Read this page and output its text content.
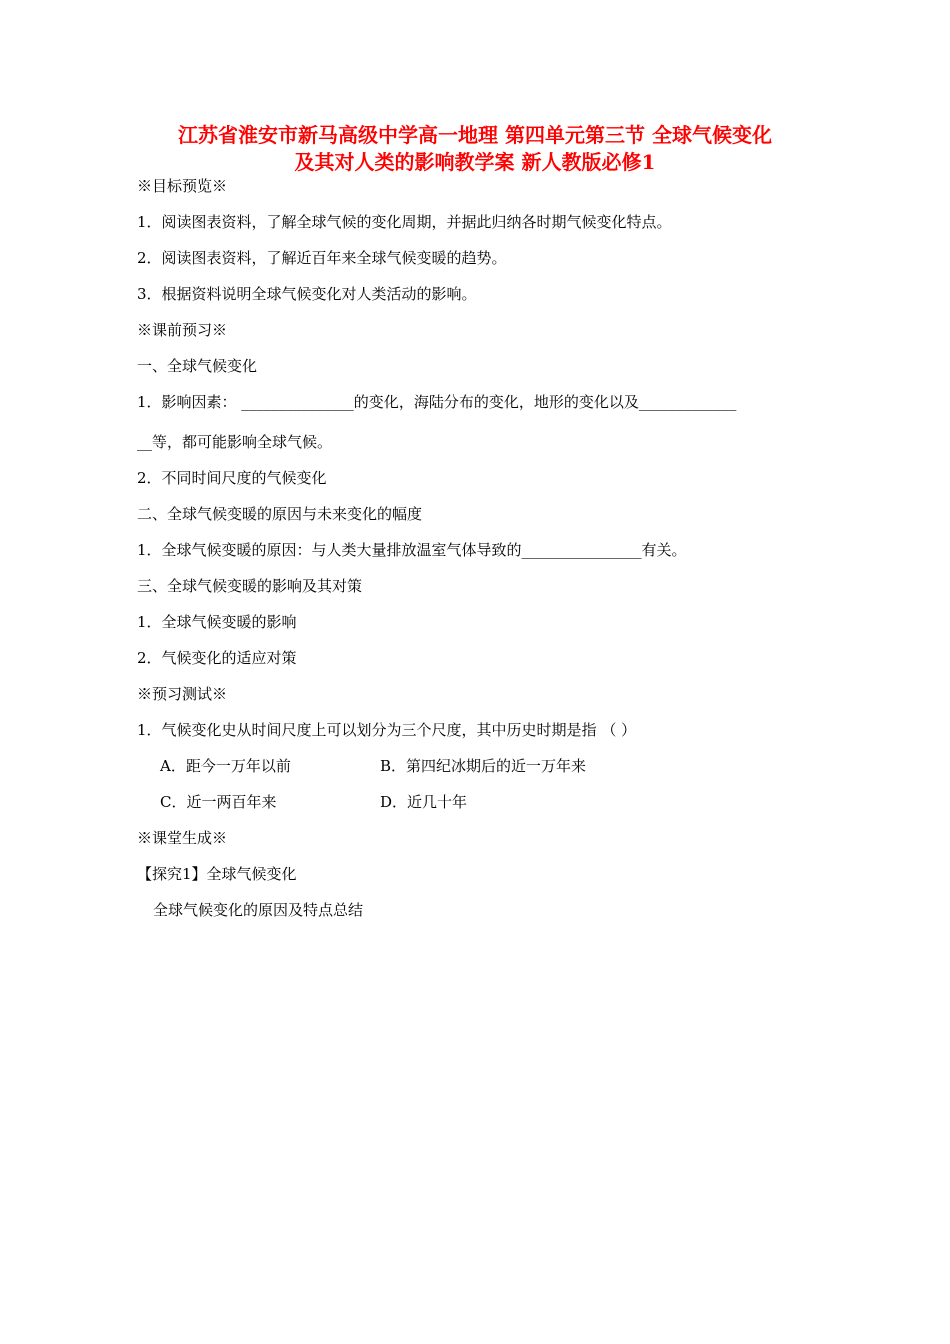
江苏省淮安市新马高级中学高一地理 第四单元第三节 全球气候变化
及其对人类的影响教学案 新人教版必修1
※目标预览※
1．阅读图表资料，了解全球气候的变化周期，并据此归纳各时期气候变化特点。
2．阅读图表资料，了解近百年来全球气候变暖的趋势。
3．根据资料说明全球气候变化对人类活动的影响。
※课前预习※
一、全球气候变化
1．影响因素： _______________的变化，海陆分布的变化，地形的变化以及_____________
__等，都可能影响全球气候。
2．不同时间尺度的气候变化
二、全球气候变暖的原因与未来变化的幅度
1．全球气候变暖的原因：与人类大量排放温室气体导致的________________有关。
三、全球气候变暖的影响及其对策
1．全球气候变暖的影响
2．气候变化的适应对策
※预习测试※
1．气候变化史从时间尺度上可以划分为三个尺度，其中历史时期是指 （ ）
A．距今一万年以前	B．第四纪冰期后的近一万年来
C．近一两百年来	D．近几十年
※课堂生成※
【探究1】全球气候变化
全球气候变化的原因及特点总结
